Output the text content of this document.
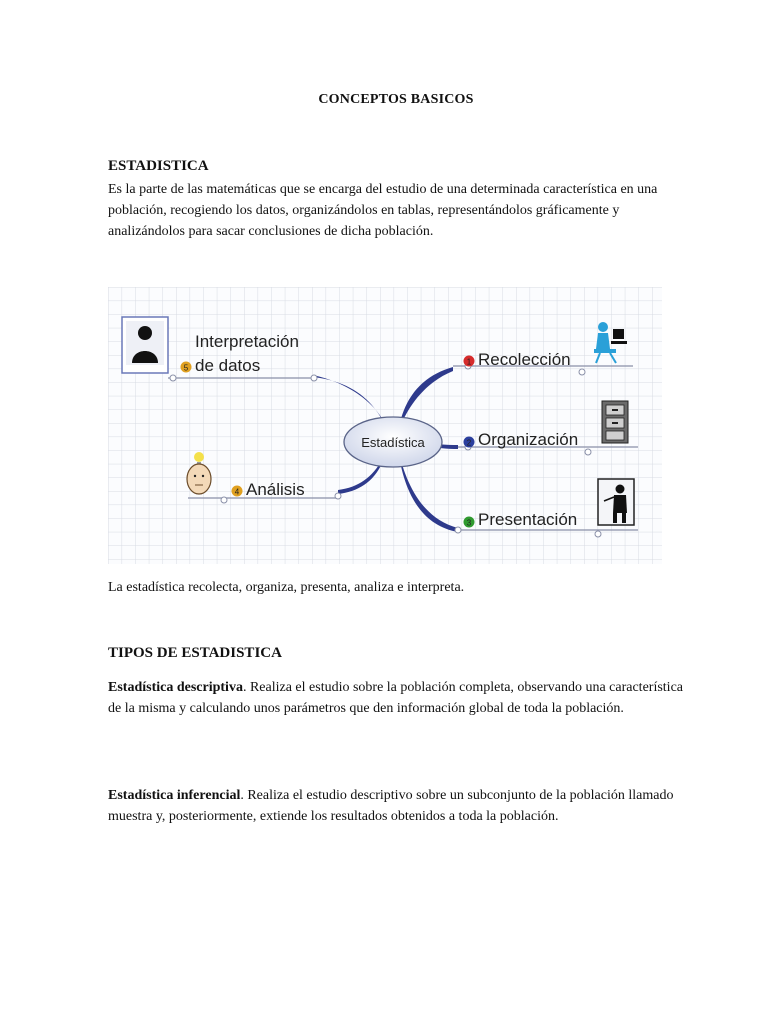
CONCEPTOS BASICOS
ESTADISTICA

Es la parte de las matemáticas que se encarga del estudio de una determinada característica en una población, recogiendo los datos, organizándolos en tablas, representándolos gráficamente y analizándolos para sacar conclusiones de dicha población.

Estadística
5
Interpretación
de datos	1 Recolección
2 Organización
3 Presentación
4 Análisis

La estadística recolecta, organiza, presenta, analiza e interpreta.

TIPOS DE ESTADISTICA

Estadística descriptiva. Realiza el estudio sobre la población completa, observando una característica de la misma y calculando unos parámetros que den información global de toda la población.

Estadística inferencial. Realiza el estudio descriptivo sobre un subconjunto de la población llamado muestra y, posteriormente, extiende los resultados obtenidos a toda la población.
